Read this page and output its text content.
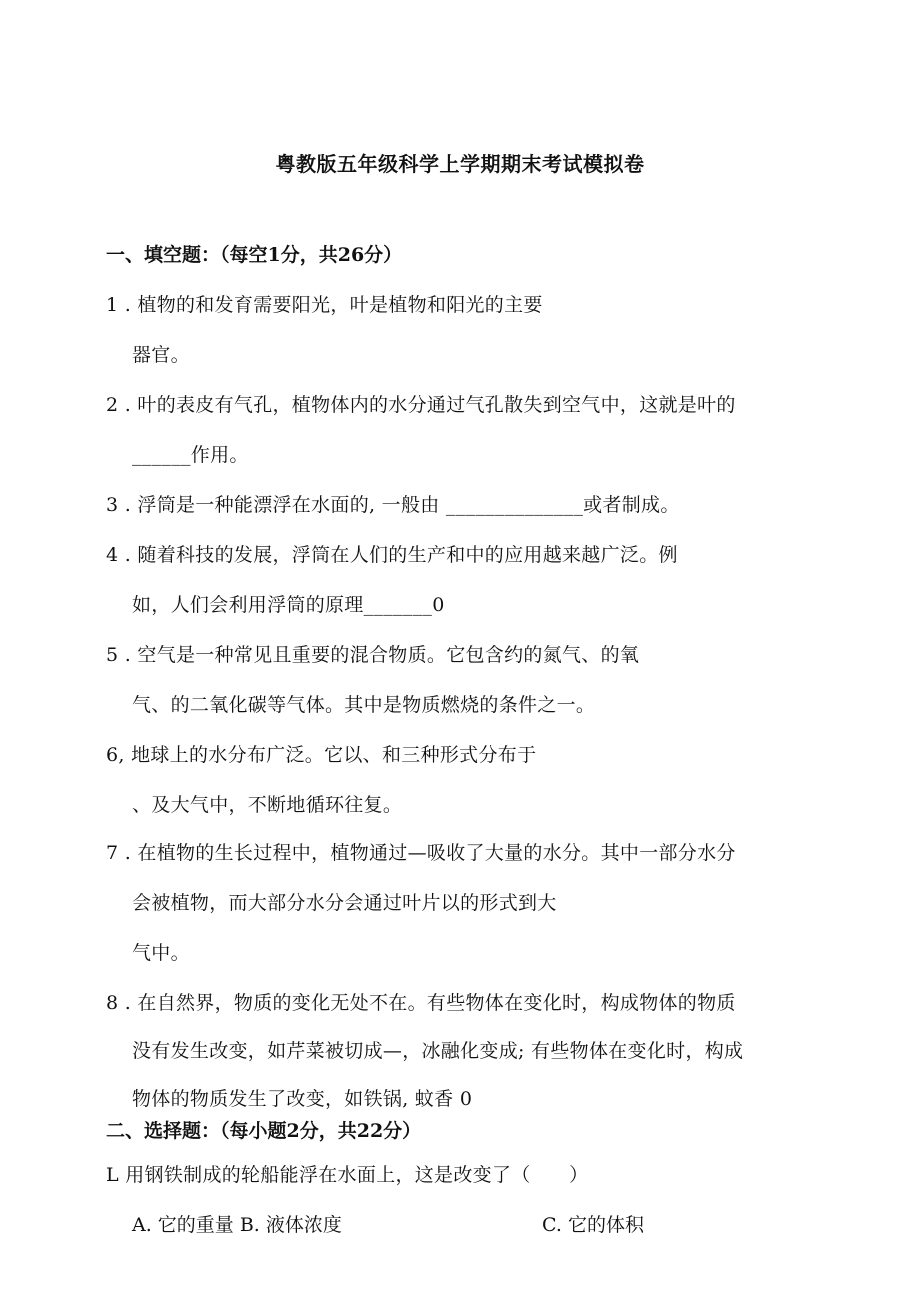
粤教版五年级科学上学期期末考试模拟卷
一、填空题：（每空1分，共26分）
1 . 植物的和发育需要阳光，叶是植物和阳光的主要
器官。
2 . 叶的表皮有气孔，植物体内的水分通过气孔散失到空气中，这就是叶的
______作用。
3 . 浮筒是一种能漂浮在水面的, 一般由 ______________或者制成。
4 . 随着科技的发展，浮筒在人们的生产和中的应用越来越广泛。例
如，人们会利用浮筒的原理_______0
5 . 空气是一种常见且重要的混合物质。它包含约的氮气、的氧
气、的二氧化碳等气体。其中是物质燃烧的条件之一。
6, 地球上的水分布广泛。它以、和三种形式分布于
、及大气中，不断地循环往复。
7 . 在植物的生长过程中，植物通过—吸收了大量的水分。其中一部分水分
会被植物，而大部分水分会通过叶片以的形式到大
气中。
8 . 在自然界，物质的变化无处不在。有些物体在变化时，构成物体的物质
没有发生改变，如芹菜被切成—，冰融化变成; 有些物体在变化时，构成
物体的物质发生了改变，如铁锅, 蚊香 0
二、选择题：（每小题2分，共22分）
L 用钢铁制成的轮船能浮在水面上，这是改变了（　　）
A. 它的重量 B. 液体浓度	C. 它的体积
